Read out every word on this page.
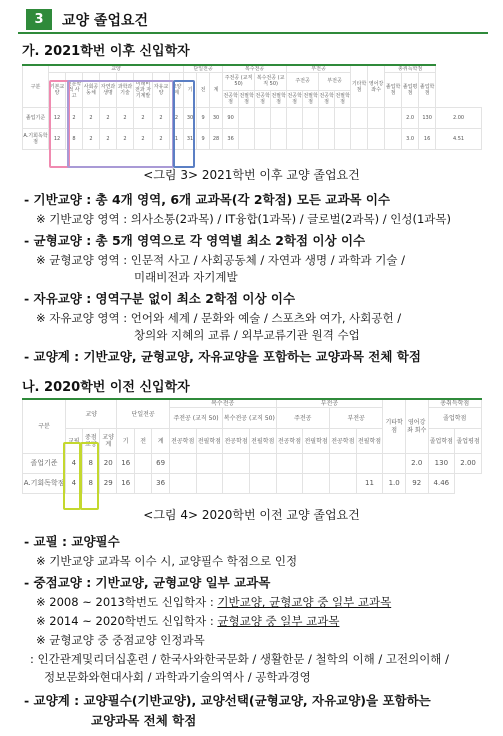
3	교양 졸업요건
가. 2021학번 이후 신입학자
구분	교양								단일전공			복수전공				부전공				기타학점	영어강좌수	총취득학점			
	기본교양	인문학적 사고	사회공동체	자연과생명	과학과 기술	미래비전과 자기계발	자유교양	교양계	기	전	계	주전공 (교직 50)		복수전공 (교직 50)		주전공		부전공				졸업학점	졸업평점	졸업학점	
												전공학점	전필학점	전공학점	전필학점	전공학점	전필학점	전공학점	전필학점						
졸업기준	12	2	2	2	2	2	2	2	30	9	30	90											2.0	130	2.00
A.기회독학점	12	8	2	2	2	2	2	1	31	9	28	36											3.0	16	4.51
<그림 3> 2021학번 이후 교양 졸업요건
- 기반교양 : 총 4개 영역, 6개 교과목(각 2학점) 모든 교과목 이수
※ 기반교양 영역 : 의사소통(2과목) / IT융합(1과목) / 글로벌(2과목) / 인성(1과목)
- 균형교양 : 총 5개 영역으로 각 영역별 최소 2학점 이상 이수
※ 균형교양 영역 : 인문적 사고 / 사회공동체 / 자연과 생명 / 과학과 기술 /
미래비전과 자기계발
- 자유교양 : 영역구분 없이 최소 2학점 이상 이수
※ 자유교양 영역 : 언어와 세계 / 문화와 예술 / 스포츠와 여가, 사회공헌 /
창의와 지혜의 교류 / 외부교류기관 원격 수업
- 교양계 : 기반교양, 균형교양, 자유교양을 포함하는 교양과목 전체 학점
나. 2020학번 이전 신입학자
구분	교양			단일전공			복수전공				부전공				기타학점	영어강좌 회수	총취득학점	
							주전공 (교직 50)		복수전공 (교직 50)		주전공		부전공				졸업학점	
	교필	중점교양	교양계	기	전	계	전공학점	전필학점	전공학점	전필학점	전공학점	전필학점	전공학점	전필학점			졸업학점	졸업평점
졸업기준	4	8	20	16		69										2.0	130	2.00
A.기회독학점	4	8	29	16		36								11	1.0	92	4.46	
<그림 4> 2020학번 이전 교양 졸업요건
- 교필 : 교양필수
※ 기반교양 교과목 이수 시, 교양필수 학점으로 인정
- 중점교양 : 기반교양, 균형교양 일부 교과목
※ 2008 ~ 2013학번도 신입학자 : 기반교양, 균형교양 중 일부 교과목
※ 2014 ~ 2020학번도 신입학자 : 균형교양 중 일부 교과목
※ 균형교양 중 중점교양 인정과목
: 인간관계및리더십훈련 / 한국사와한국문화 / 생활한문 / 철학의 이해 / 고전의이해 /
정보문화와현대사회 / 과학과기술의역사 / 공학과경영
- 교양계 : 교양필수(기반교양), 교양선택(균형교양, 자유교양)을 포함하는
교양과목 전체 학점
